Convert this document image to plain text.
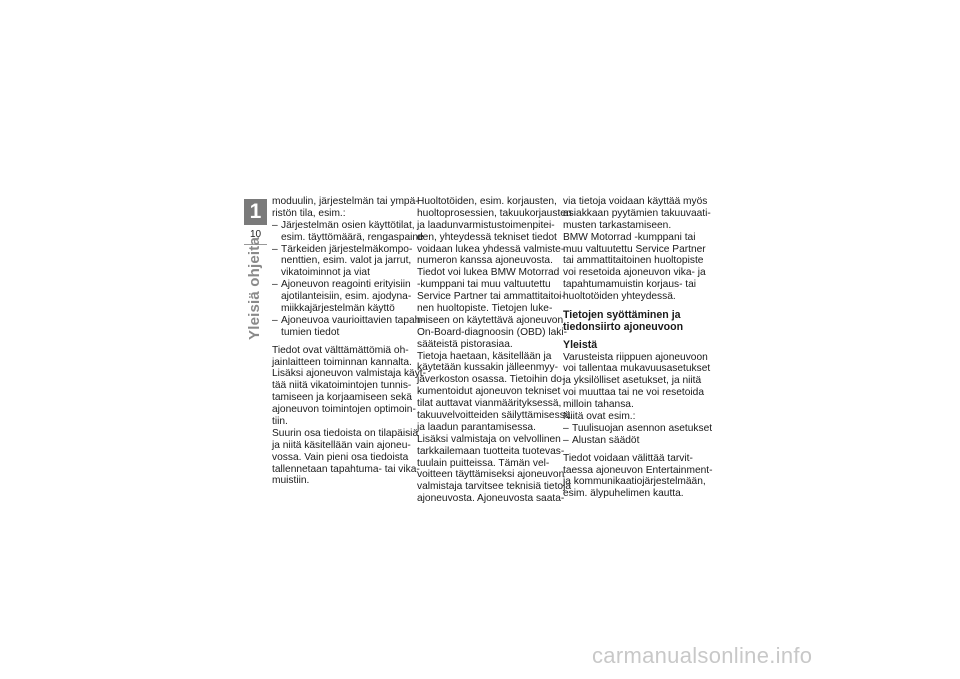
1
10
Yleisiä ohjeita
moduulin, järjestelmän tai ympä-
ristön tila, esim.:
– Järjestelmän osien käyttötilat,
esim. täyttömäärä, rengaspaine
– Tärkeiden järjestelmäkompo-
nenttien, esim. valot ja jarrut,
vikatoiminnot ja viat
– Ajoneuvon reagointi erityisiin
ajotilanteisiin, esim. ajodyna-
miikkajärjestelmän käyttö
– Ajoneuvoa vaurioittavien tapah-
tumien tiedot
Tiedot ovat välttämättömiä oh-
jainlaitteen toiminnan kannalta.
Lisäksi ajoneuvon valmistaja käyt-
tää niitä vikatoimintojen tunnis-
tamiseen ja korjaamiseen sekä
ajoneuvon toimintojen optimoin-
tiin.
Suurin osa tiedoista on tilapäisiä
ja niitä käsitellään vain ajoneu-
vossa. Vain pieni osa tiedoista
tallennetaan tapahtuma- tai vika-
muistiin.
Huoltotöiden, esim. korjausten,
huoltoprosessien, takuukorjausten
ja laadunvarmistustoimenpitei-
den, yhteydessä tekniset tiedot
voidaan lukea yhdessä valmiste-
numeron kanssa ajoneuvosta.
Tiedot voi lukea BMW Motorrad
-kumppani tai muu valtuutettu
Service Partner tai ammattitaitoi-
nen huoltopiste. Tietojen luke-
miseen on käytettävä ajoneuvon
On-Board-diagnoosin (OBD) laki-
sääteistä pistorasiaa.
Tietoja haetaan, käsitellään ja
käytetään kussakin jälleenmyy-
jäverkoston osassa. Tietoihin do-
kumentoidut ajoneuvon tekniset
tilat auttavat vianmäärityksessä,
takuuvelvoitteiden säilyttämisessä
ja laadun parantamisessa.
Lisäksi valmistaja on velvollinen
tarkkailemaan tuotteita tuotevas-
tuulain puitteissa. Tämän vel-
voitteen täyttämiseksi ajoneuvon
valmistaja tarvitsee teknisiä tietoja
ajoneuvosta. Ajoneuvosta saata-
via tietoja voidaan käyttää myös
asiakkaan pyytämien takuuvaati-
musten tarkastamiseen.
BMW Motorrad -kumppani tai
muu valtuutettu Service Partner
tai ammattitaitoinen huoltopiste
voi resetoida ajoneuvon vika- ja
tapahtumamuistin korjaus- tai
huoltotöiden yhteydessä.
Tietojen syöttäminen ja
tiedonsiirto ajoneuvoon
Yleistä
Varusteista riippuen ajoneuvoon
voi tallentaa mukavuusasetukset
ja yksilölliset asetukset, ja niitä
voi muuttaa tai ne voi resetoida
milloin tahansa.
Niitä ovat esim.:
– Tuulisuojan asennon asetukset
– Alustan säädöt
Tiedot voidaan välittää tarvit-
taessa ajoneuvon Entertainment-
ja kommunikaatiojärjestelmään,
esim. älypuhelimen kautta.
carmanualsonline.info
